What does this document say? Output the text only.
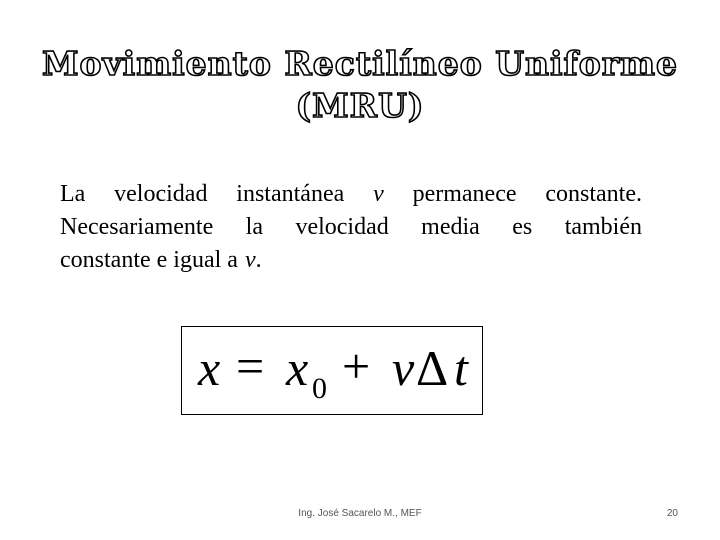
Movimiento Rectilíneo Uniforme
(MRU)
La velocidad instantánea v permanece constante.
Necesariamente la velocidad media es también
constante e igual a v.
x = x 0 + v Δ t
Ing. José Sacarelo M., MEF	20
